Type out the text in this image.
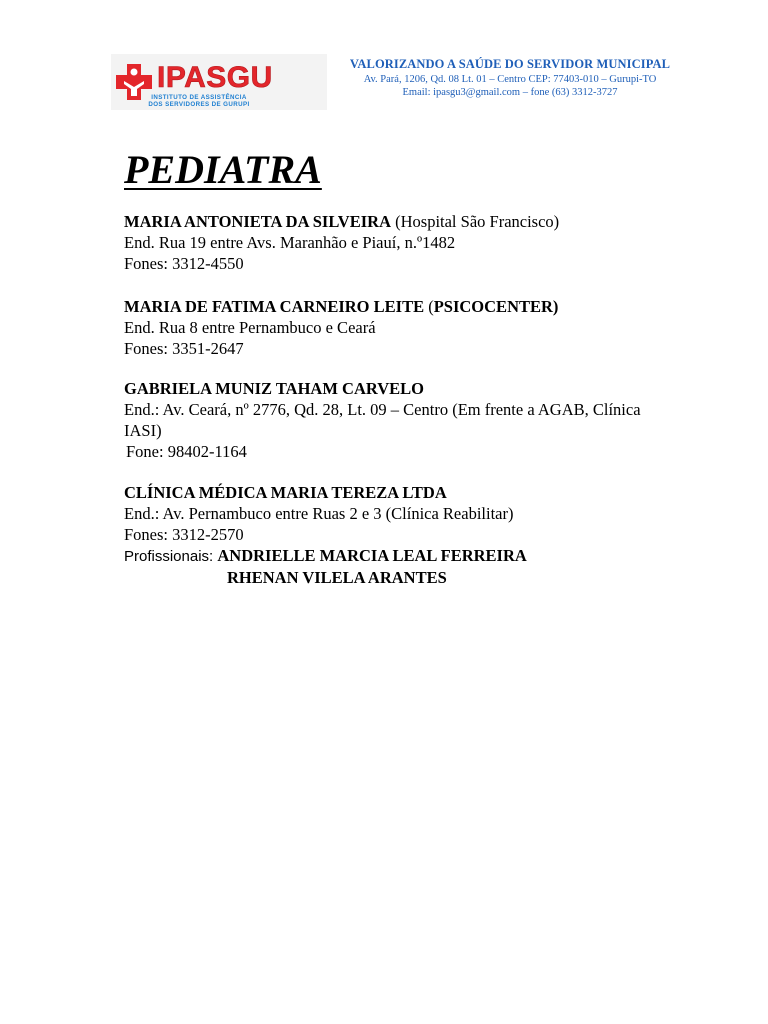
IPASGU
INSTITUTO DE ASSISTÊNCIA
DOS SERVIDORES DE GURUPI
VALORIZANDO A SAÚDE DO SERVIDOR MUNICIPAL
Av. Pará, 1206, Qd. 08 Lt. 01 – Centro CEP: 77403-010 – Gurupi-TO
Email: ipasgu3@gmail.com – fone (63) 3312-3727
PEDIATRA
MARIA ANTONIETA DA SILVEIRA (Hospital São Francisco)
End. Rua 19 entre Avs. Maranhão e Piauí, n.º1482
Fones: 3312-4550
MARIA DE FATIMA CARNEIRO LEITE (PSICOCENTER)
End. Rua 8 entre Pernambuco e Ceará
Fones: 3351-2647
GABRIELA MUNIZ TAHAM CARVELO
End.: Av. Ceará, nº 2776, Qd. 28, Lt. 09 – Centro (Em frente a AGAB, Clínica
IASI)
Fone: 98402-1164
CLÍNICA MÉDICA MARIA TEREZA LTDA
End.: Av. Pernambuco entre Ruas 2 e 3 (Clínica Reabilitar)
Fones: 3312-2570
Profissionais: ANDRIELLE MARCIA LEAL FERREIRA
RHENAN VILELA ARANTES
